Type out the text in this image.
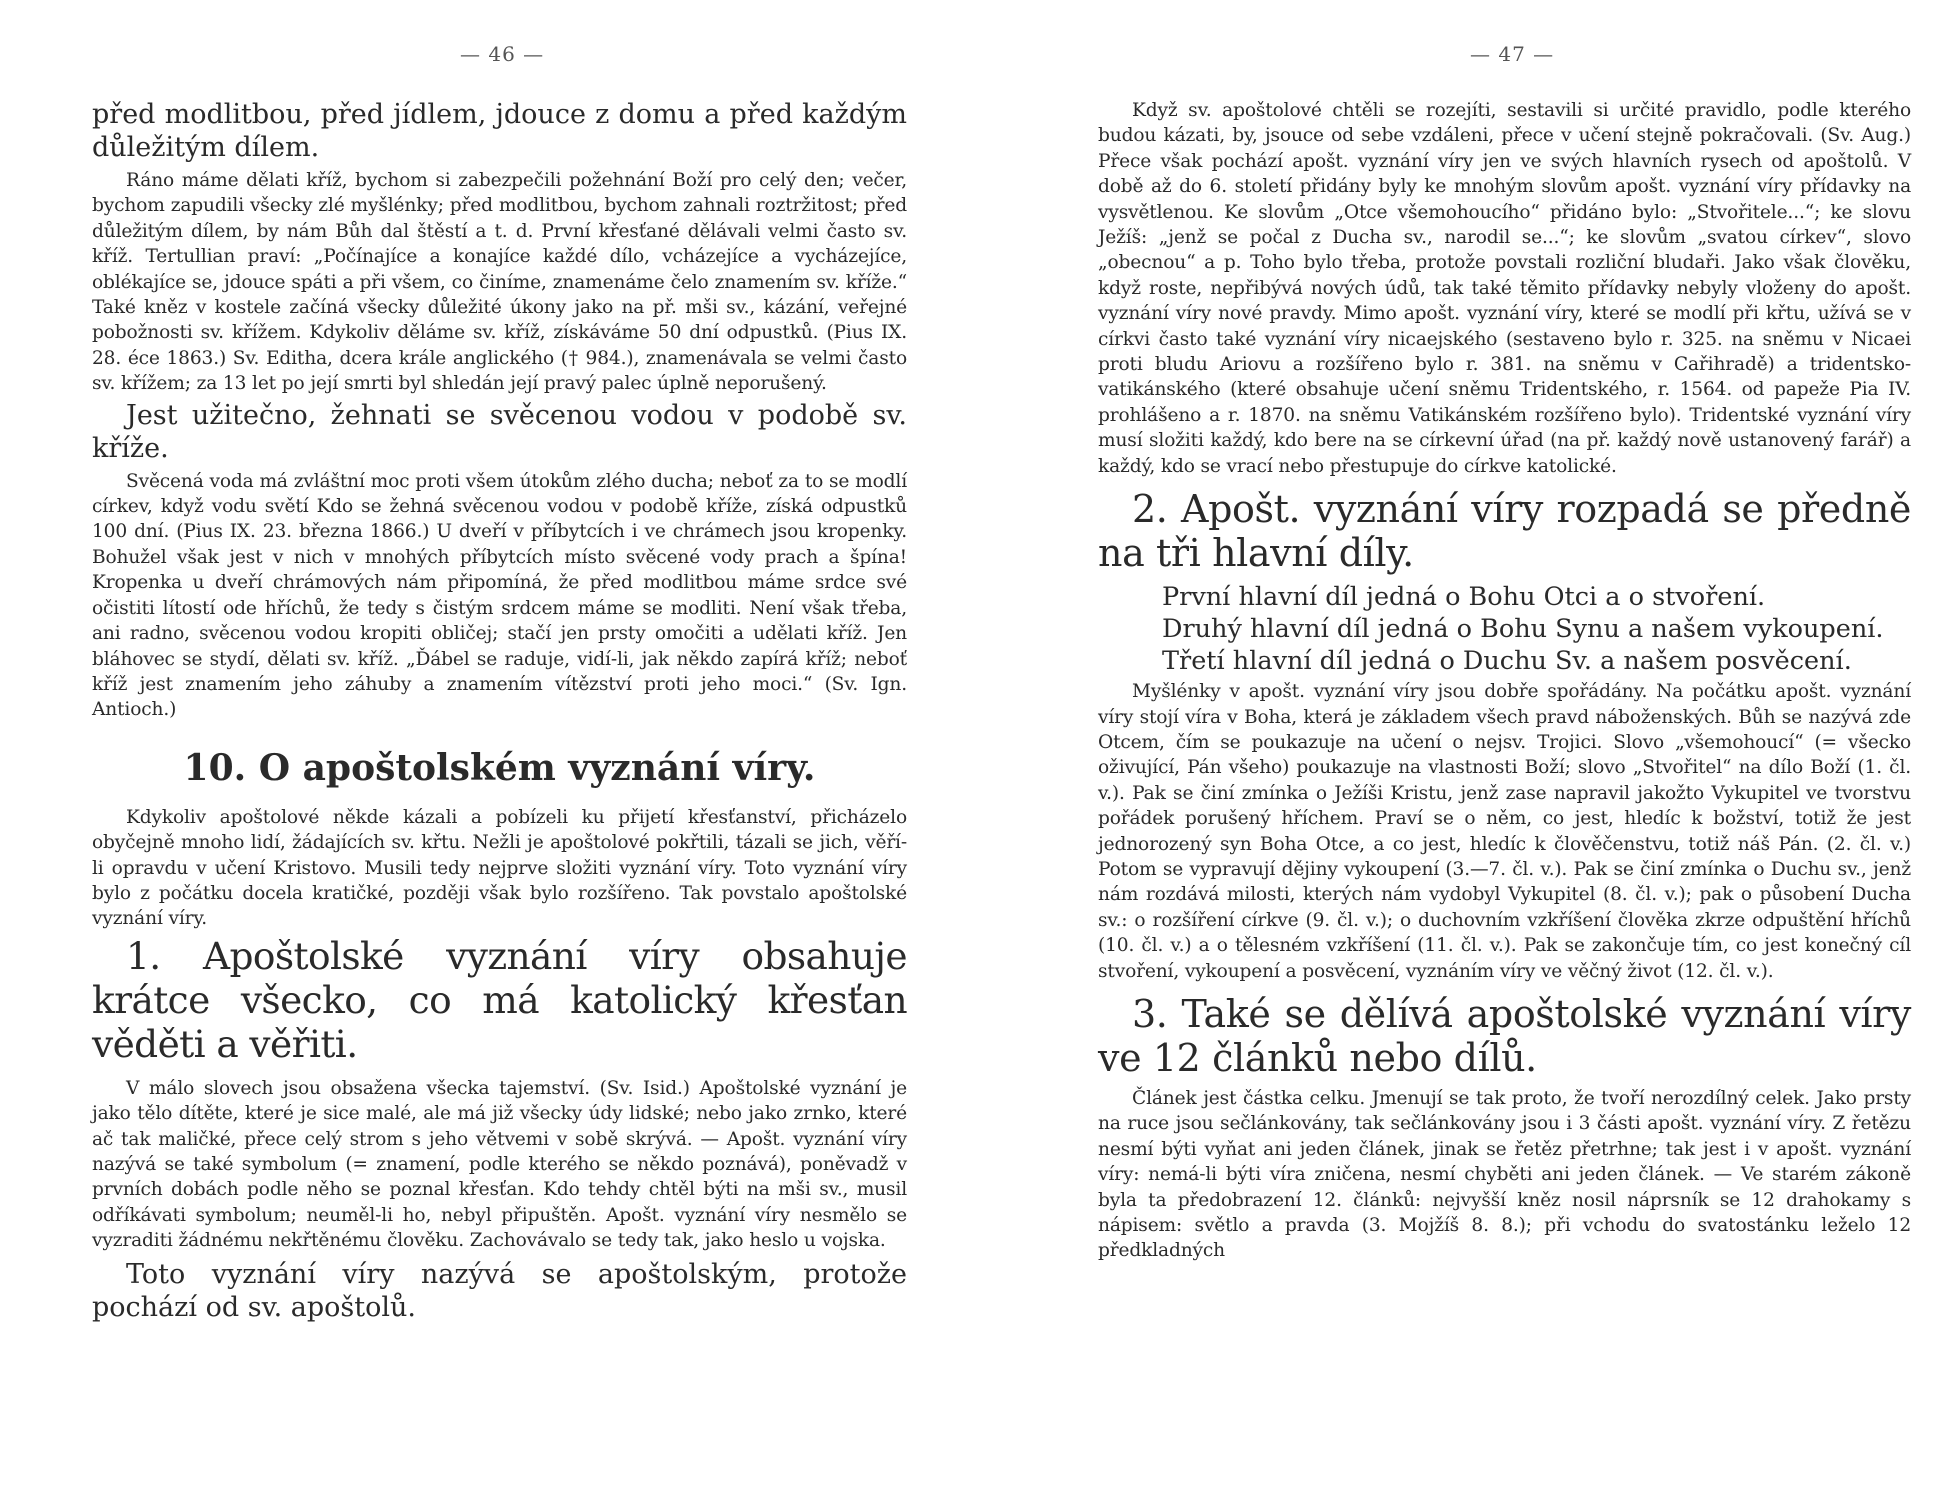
— 46 —

před modlitbou, před jídlem, jdouce z domu a před každým důležitým dílem.

Ráno máme dělati kříž, bychom si zabezpečili požehnání Boží pro celý den; večer, bychom zapudili všecky zlé myšlénky; před modlitbou, bychom zahnali roztržitost; před důležitým dílem, by nám Bůh dal štěstí a t. d. První křesťané dělávali velmi často sv. kříž. Tertullian praví: „Počínajíce a konajíce každé dílo, vcházejíce a vycházejíce, oblékajíce se, jdouce spáti a při všem, co činíme, znamenáme čelo znamením sv. kříže.“ Také kněz v kostele začíná všecky důležité úkony jako na př. mši sv., kázání, veřejné pobožnosti sv. křížem. Kdykoliv děláme sv. kříž, získáváme 50 dní odpustků. (Pius IX. 28. éce 1863.) Sv. Editha, dcera krále anglického († 984.), znamenávala se velmi často sv. křížem; za 13 let po její smrti byl shledán její pravý palec úplně neporušený.

Jest užitečno, žehnati se svěcenou vodou v podobě sv. kříže.

Svěcená voda má zvláštní moc proti všem útokům zlého ducha; neboť za to se modlí církev, když vodu světí Kdo se žehná svěcenou vodou v podobě kříže, získá odpustků 100 dní. (Pius IX. 23. března 1866.) U dveří v příbytcích i ve chrámech jsou kropenky. Bohužel však jest v nich v mnohých příbytcích místo svěcené vody prach a špína! Kropenka u dveří chrámových nám připomíná, že před modlitbou máme srdce své očistiti lítostí ode hříchů, že tedy s čistým srdcem máme se modliti. Není však třeba, ani radno, svěcenou vodou kropiti obličej; stačí jen prsty omočiti a udělati kříž. Jen bláhovec se stydí, dělati sv. kříž. „Ďábel se raduje, vidí-li, jak někdo zapírá kříž; neboť kříž jest znamením jeho záhuby a znamením vítězství proti jeho moci.“ (Sv. Ign. Antioch.)

10. O apoštolském vyznání víry.

Kdykoliv apoštolové někde kázali a pobízeli ku přijetí křesťanství, přicházelo obyčejně mnoho lidí, žádajících sv. křtu. Nežli je apoštolové pokřtili, tázali se jich, věří-li opravdu v učení Kristovo. Musili tedy nejprve složiti vyznání víry. Toto vyznání víry bylo z počátku docela kratičké, později však bylo rozšířeno. Tak povstalo apoštolské vyznání víry.

1. Apoštolské vyznání víry obsahuje krátce všecko, co má katolický křesťan věděti a věřiti.

V málo slovech jsou obsažena všecka tajemství. (Sv. Isid.) Apoštolské vyznání je jako tělo dítěte, které je sice malé, ale má již všecky údy lidské; nebo jako zrnko, které ač tak maličké, přece celý strom s jeho větvemi v sobě skrývá. — Apošt. vyznání víry nazývá se také symbolum (= znamení, podle kterého se někdo poznává), poněvadž v prvních dobách podle něho se poznal křesťan. Kdo tehdy chtěl býti na mši sv., musil odříkávati symbolum; neuměl-li ho, nebyl připuštěn. Apošt. vyznání víry nesmělo se vyzraditi žádnému nekřtěnému člověku. Zachovávalo se tedy tak, jako heslo u vojska.

Toto vyznání víry nazývá se apoštolským, protože pochází od sv. apoštolů.

— 47 —

Když sv. apoštolové chtěli se rozejíti, sestavili si určité pravidlo, podle kterého budou kázati, by, jsouce od sebe vzdáleni, přece v učení stejně pokračovali. (Sv. Aug.) Přece však pochází apošt. vyznání víry jen ve svých hlavních rysech od apoštolů. V době až do 6. století přidány byly ke mnohým slovům apošt. vyznání víry přídavky na vysvětlenou. Ke slovům „Otce všemohoucího“ přidáno bylo: „Stvořitele...“; ke slovu Ježíš: „jenž se počal z Ducha sv., narodil se...“; ke slovům „svatou církev“, slovo „obecnou“ a p. Toho bylo třeba, protože povstali rozliční bludaři. Jako však člověku, když roste, nepřibývá nových údů, tak také těmito přídavky nebyly vloženy do apošt. vyznání víry nové pravdy. Mimo apošt. vyznání víry, které se modlí při křtu, užívá se v církvi často také vyznání víry nicaejského (sestaveno bylo r. 325. na sněmu v Nicaei proti bludu Ariovu a rozšířeno bylo r. 381. na sněmu v Cařihradě) a tridentsko-vatikánského (které obsahuje učení sněmu Tridentského, r. 1564. od papeže Pia IV. prohlášeno a r. 1870. na sněmu Vatikánském rozšířeno bylo). Tridentské vyznání víry musí složiti každý, kdo bere na se církevní úřad (na př. každý nově ustanovený farář) a každý, kdo se vrací nebo přestupuje do církve katolické.

2. Apošt. vyznání víry rozpadá se předně na tři hlavní díly.

První hlavní díl jedná o Bohu Otci a o stvoření.
Druhý hlavní díl jedná o Bohu Synu a našem vykoupení.
Třetí hlavní díl jedná o Duchu Sv. a našem posvěcení.

Myšlénky v apošt. vyznání víry jsou dobře spořádány. Na počátku apošt. vyznání víry stojí víra v Boha, která je základem všech pravd náboženských. Bůh se nazývá zde Otcem, čím se poukazuje na učení o nejsv. Trojici. Slovo „všemohoucí“ (= všecko oživující, Pán všeho) poukazuje na vlastnosti Boží; slovo „Stvořitel“ na dílo Boží (1. čl. v.). Pak se činí zmínka o Ježíši Kristu, jenž zase napravil jakožto Vykupitel ve tvorstvu pořádek porušený hříchem. Praví se o něm, co jest, hledíc k božství, totiž že jest jednorozený syn Boha Otce, a co jest, hledíc k člověčenstvu, totiž náš Pán. (2. čl. v.) Potom se vypravují dějiny vykoupení (3.—7. čl. v.). Pak se činí zmínka o Duchu sv., jenž nám rozdává milosti, kterých nám vydobyl Vykupitel (8. čl. v.); pak o působení Ducha sv.: o rozšíření církve (9. čl. v.); o duchovním vzkříšení člověka zkrze odpuštění hříchů (10. čl. v.) a o tělesném vzkříšení (11. čl. v.). Pak se zakončuje tím, co jest konečný cíl stvoření, vykoupení a posvěcení, vyznáním víry ve věčný život (12. čl. v.).

3. Také se dělívá apoštolské vyznání víry ve 12 článků nebo dílů.

Článek jest částka celku. Jmenují se tak proto, že tvoří nerozdílný celek. Jako prsty na ruce jsou sečlánkovány, tak sečlánkovány jsou i 3 části apošt. vyznání víry. Z řetězu nesmí býti vyňat ani jeden článek, jinak se řetěz přetrhne; tak jest i v apošt. vyznání víry: nemá-li býti víra zničena, nesmí chyběti ani jeden článek. — Ve starém zákoně byla ta předobrazení 12. článků: nejvyšší kněz nosil náprsník se 12 drahokamy s nápisem: světlo a pravda (3. Mojžíš 8. 8.); při vchodu do svatostánku leželo 12 předkladných
